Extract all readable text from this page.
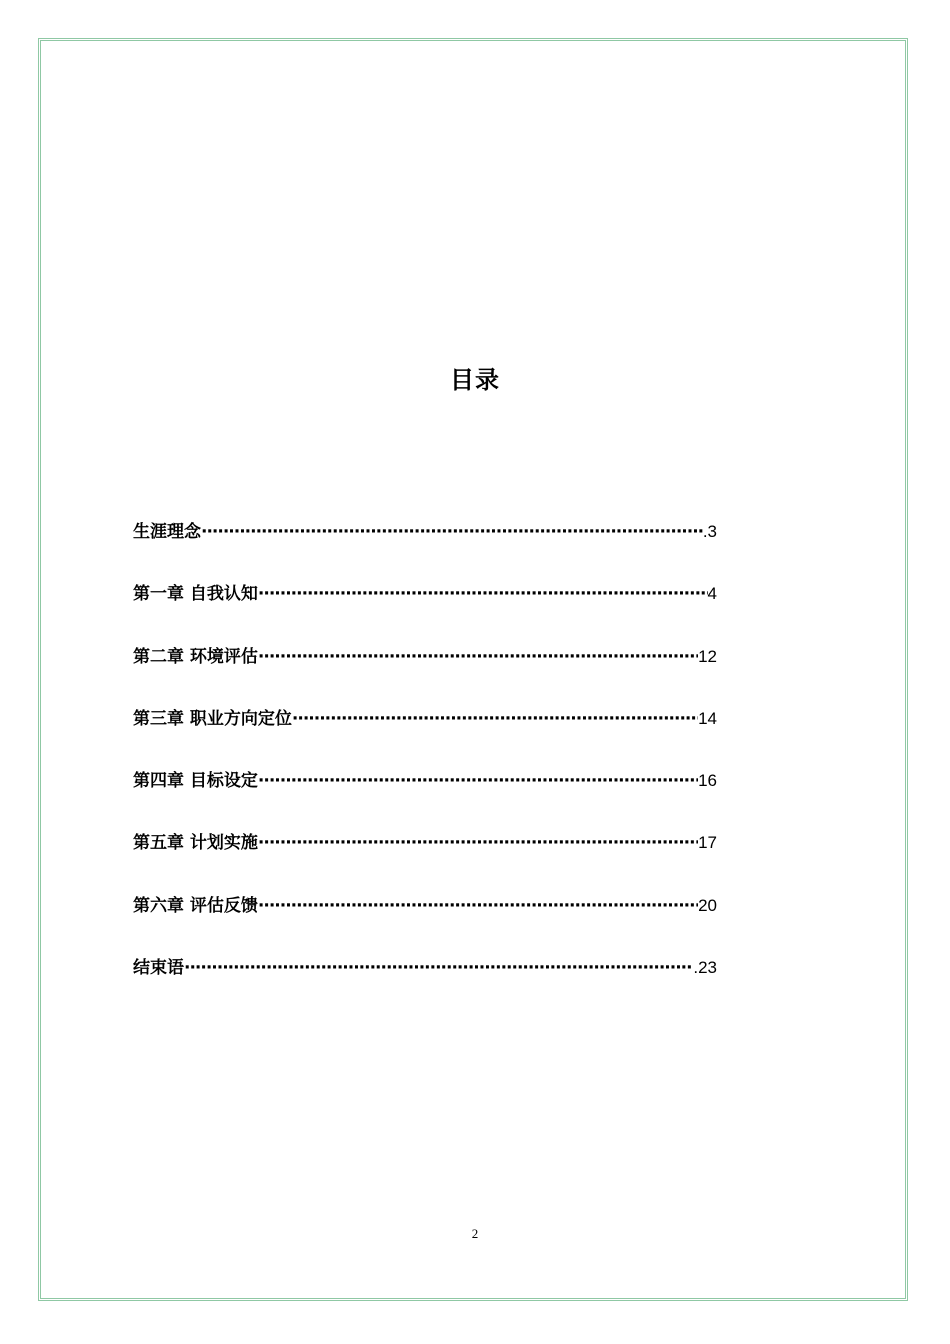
目录
生涯理念 ·····	.3
第一章 自我认知 ·····	4
第二章 环境评估 ·····	12
第三章 职业方向定位 ·····	14
第四章 目标设定 ·····	16
第五章 计划实施 ·····	17
第六章 评估反馈 ·····	20
结束语 ·····	.23
2
